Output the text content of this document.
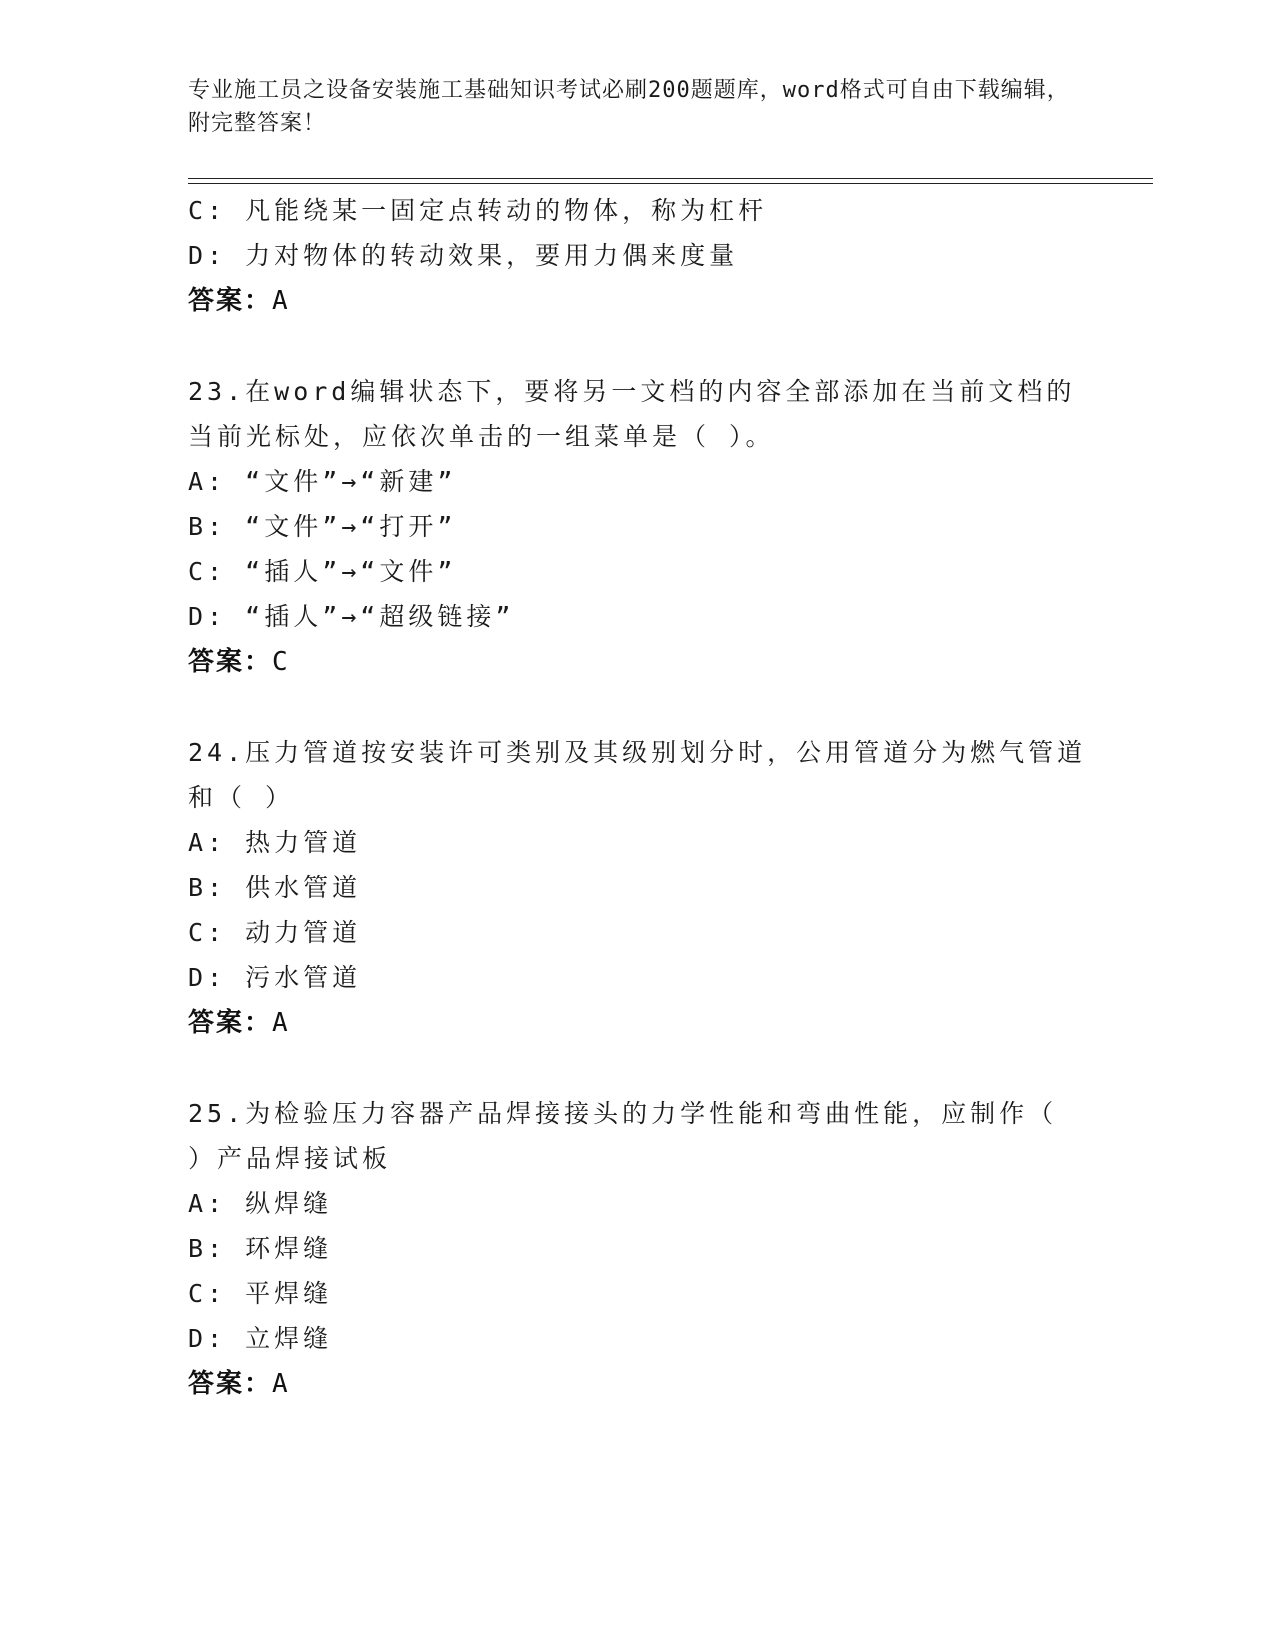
专业施工员之设备安装施工基础知识考试必刷200题题库，word格式可自由下载编辑，附完整答案！
C: 凡能绕某一固定点转动的物体，称为杠杆
D: 力对物体的转动效果，要用力偶来度量
答案：A
23.在word编辑状态下，要将另一文档的内容全部添加在当前文档的
当前光标处，应依次单击的一组菜单是（ ）。
A: “文件”→“新建”
B: “文件”→“打开”
C: “插人”→“文件”
D: “插人”→“超级链接”
答案：C
24.压力管道按安装许可类别及其级别划分时，公用管道分为燃气管道
和（ ）
A: 热力管道
B: 供水管道
C: 动力管道
D: 污水管道
答案：A
25.为检验压力容器产品焊接接头的力学性能和弯曲性能，应制作（
）产品焊接试板
A: 纵焊缝
B: 环焊缝
C: 平焊缝
D: 立焊缝
答案：A
